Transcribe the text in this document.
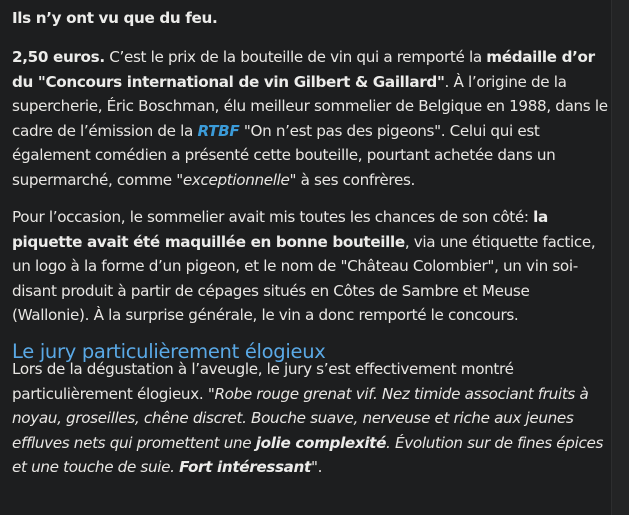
Ils n’y ont vu que du feu.

2,50 euros. C’est le prix de la bouteille de vin qui a remporté la médaille d’or du "Concours international de vin Gilbert & Gaillard". À l’origine de la supercherie, Éric Boschman, élu meilleur sommelier de Belgique en 1988, dans le cadre de l’émission de la RTBF "On n’est pas des pigeons". Celui qui est également comédien a présenté cette bouteille, pourtant achetée dans un supermarché, comme "exceptionnelle" à ses confrères.

Pour l’occasion, le sommelier avait mis toutes les chances de son côté: la piquette avait été maquillée en bonne bouteille, via une étiquette factice, un logo à la forme d’un pigeon, et le nom de "Château Colombier", un vin soi-disant produit à partir de cépages situés en Côtes de Sambre et Meuse (Wallonie). À la surprise générale, le vin a donc remporté le concours.

Le jury particulièrement élogieux

Lors de la dégustation à l’aveugle, le jury s’est effectivement montré particulièrement élogieux. "Robe rouge grenat vif. Nez timide associant fruits à noyau, groseilles, chêne discret. Bouche suave, nerveuse et riche aux jeunes effluves nets qui promettent une jolie complexité. Évolution sur de fines épices et une touche de suie. Fort intéressant".
